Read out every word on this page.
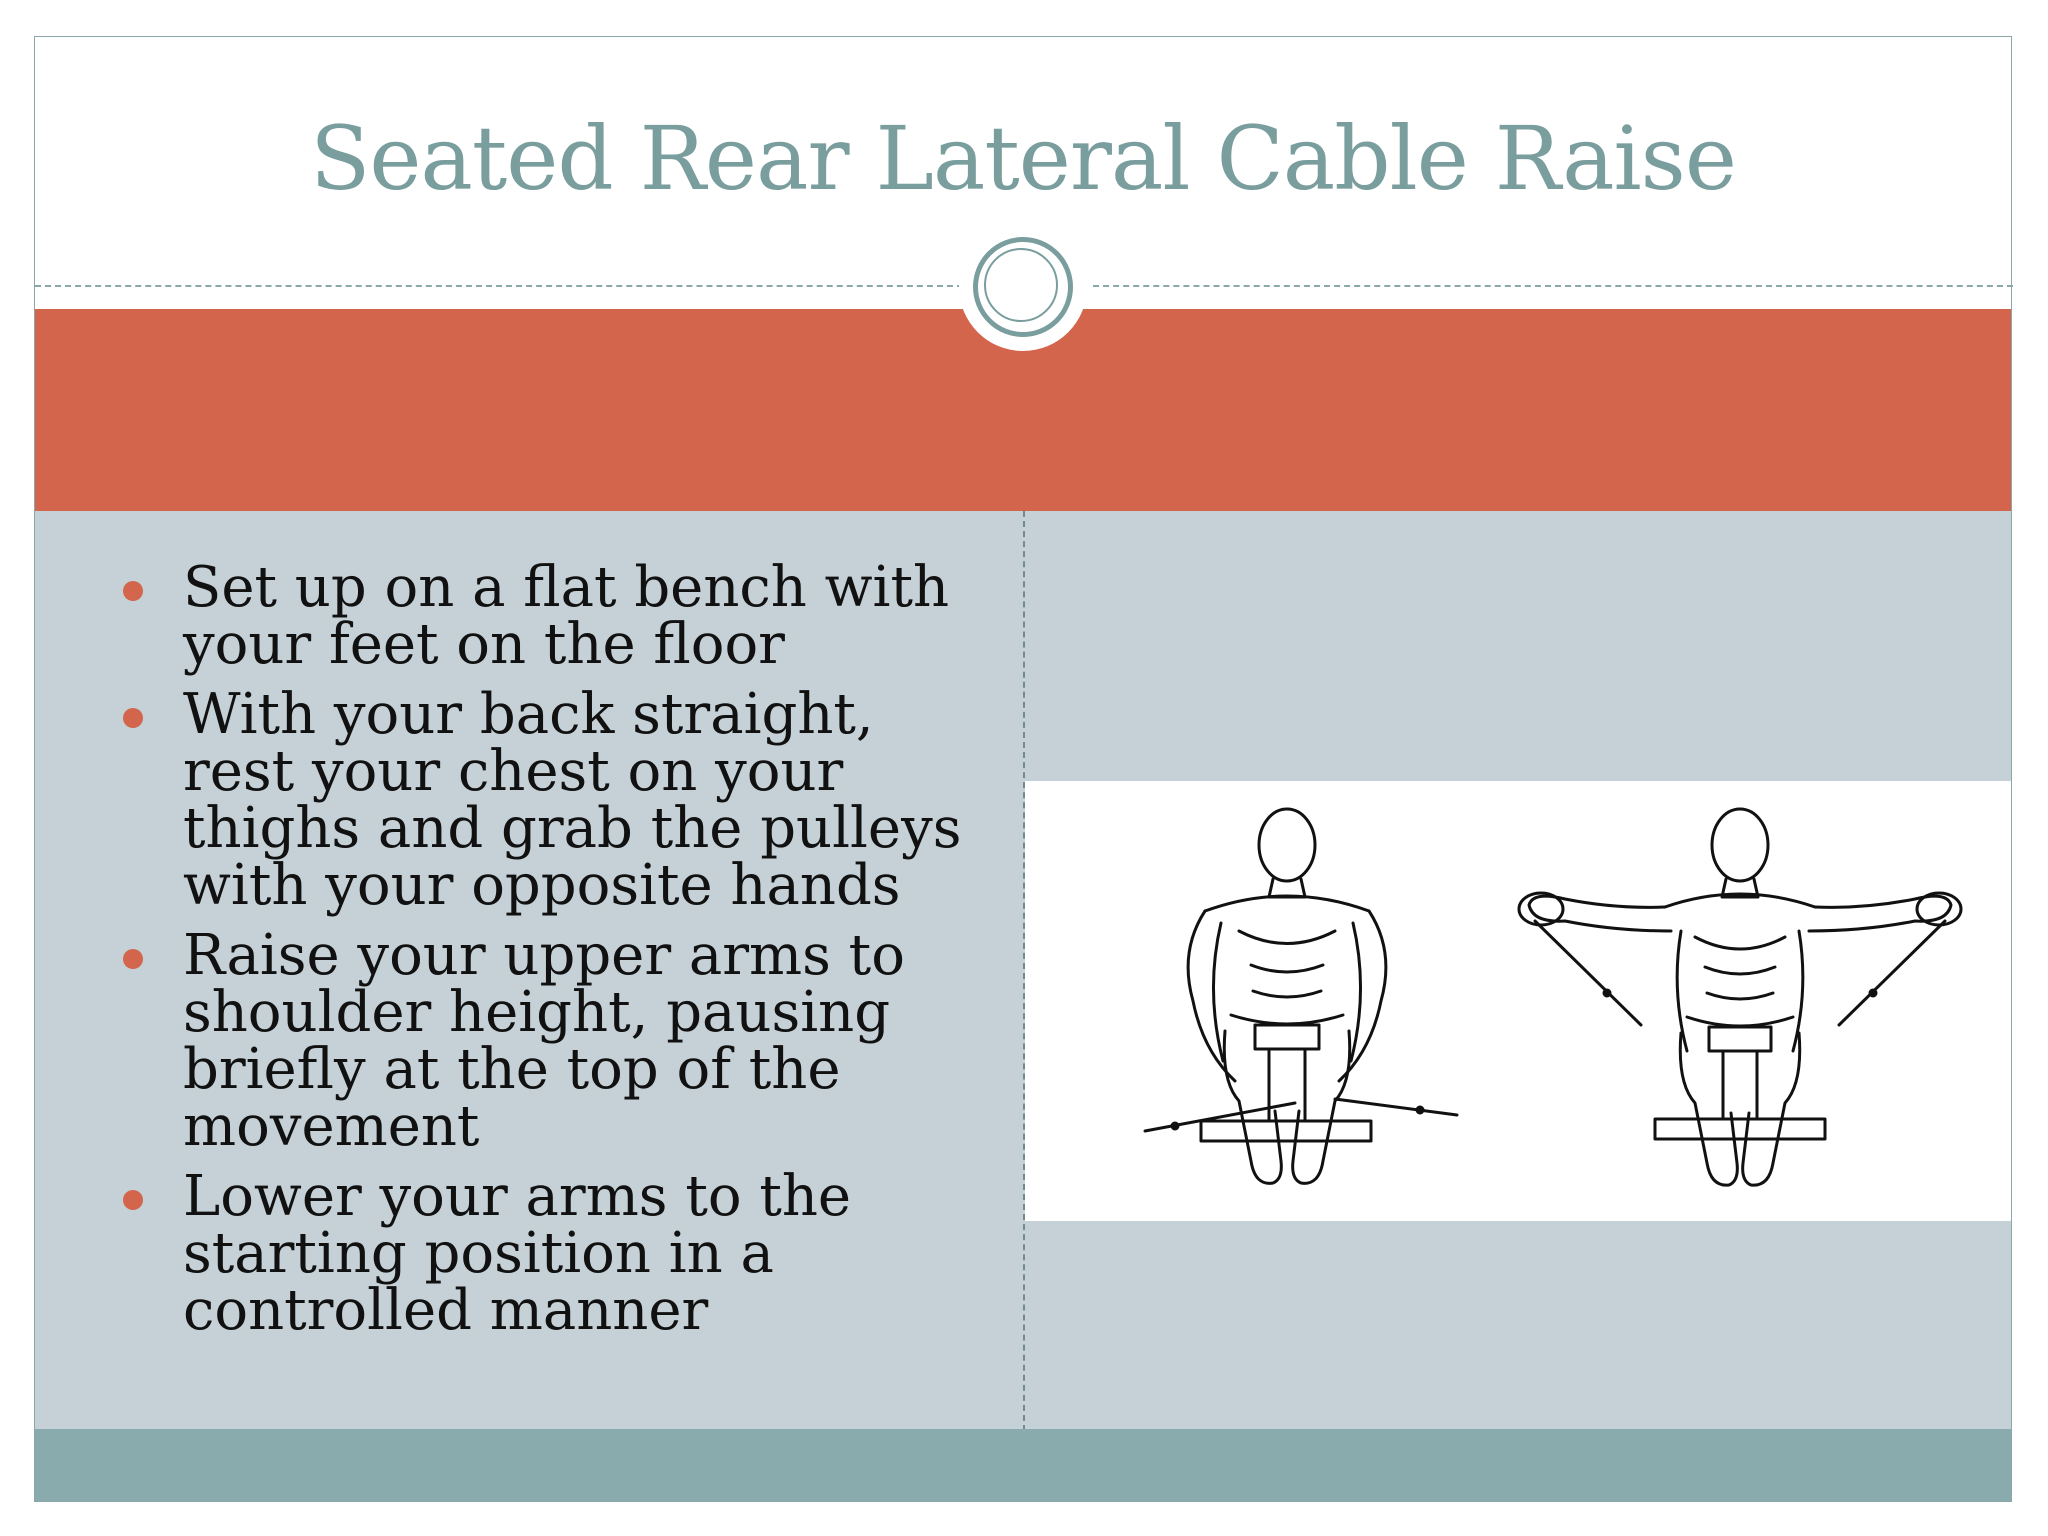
Seated Rear Lateral Cable Raise
Set up on a flat bench with your feet on the floor
With your back straight, rest your chest on your thighs and grab the pulleys with your opposite hands
Raise your upper arms to shoulder height, pausing briefly at the top of the movement
Lower your arms to the starting position in a controlled manner
